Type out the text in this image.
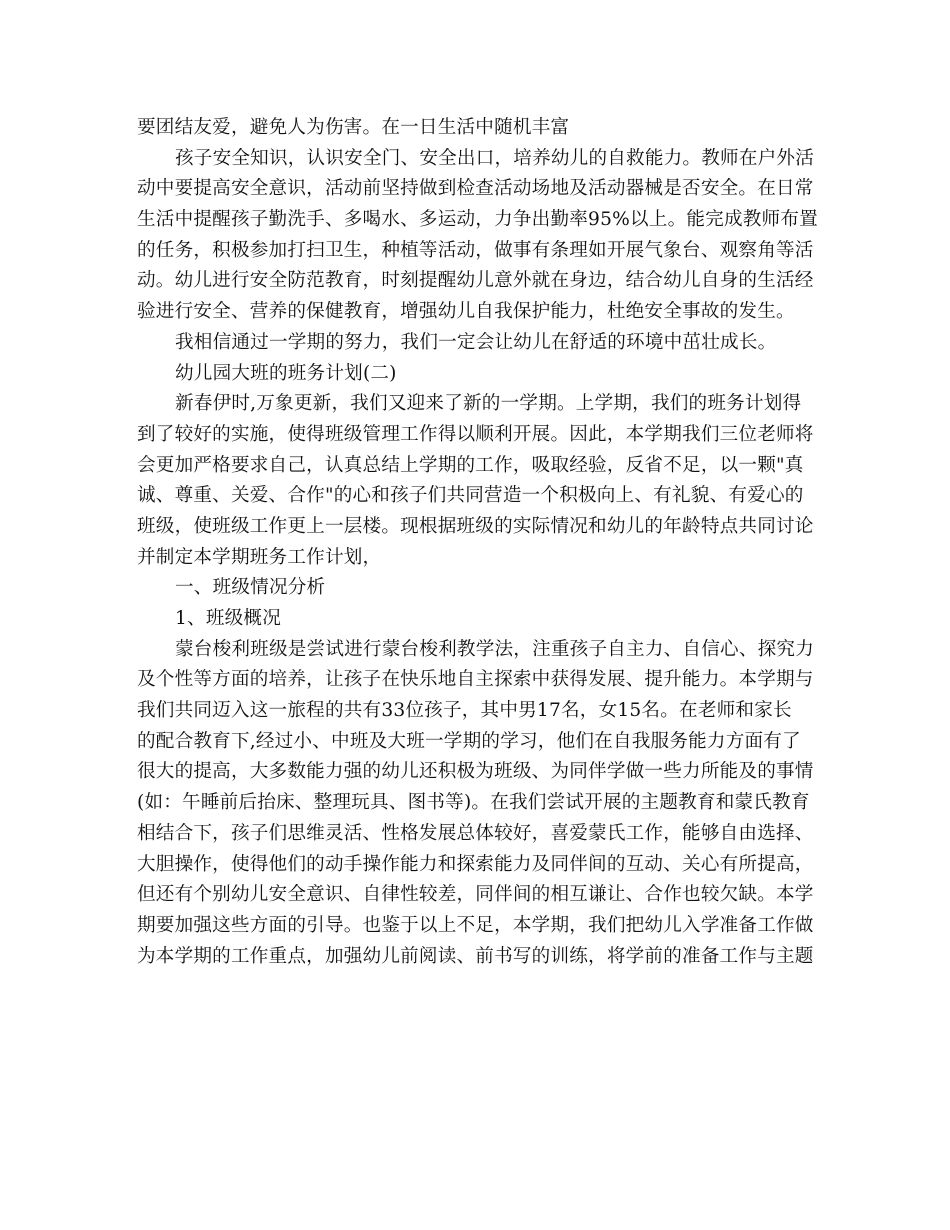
要团结友爱，避免人为伤害。在一日生活中随机丰富
孩子安全知识，认识安全门、安全出口，培养幼儿的自救能力。教师在户外活
动中要提高安全意识，活动前坚持做到检查活动场地及活动器械是否安全。在日常
生活中提醒孩子勤洗手、多喝水、多运动，力争出勤率95%以上。能完成教师布置
的任务，积极参加打扫卫生，种植等活动，做事有条理如开展气象台、观察角等活
动。幼儿进行安全防范教育，时刻提醒幼儿意外就在身边，结合幼儿自身的生活经
验进行安全、营养的保健教育，增强幼儿自我保护能力，杜绝安全事故的发生。
我相信通过一学期的努力，我们一定会让幼儿在舒适的环境中茁壮成长。
幼儿园大班的班务计划(二)
新春伊时,万象更新，我们又迎来了新的一学期。上学期，我们的班务计划得
到了较好的实施，使得班级管理工作得以顺利开展。因此，本学期我们三位老师将
会更加严格要求自己，认真总结上学期的工作，吸取经验，反省不足，以一颗"真
诚、尊重、关爱、合作"的心和孩子们共同营造一个积极向上、有礼貌、有爱心的
班级，使班级工作更上一层楼。现根据班级的实际情况和幼儿的年龄特点共同讨论
并制定本学期班务工作计划，
一、班级情况分析
1、班级概况
蒙台梭利班级是尝试进行蒙台梭利教学法，注重孩子自主力、自信心、探究力
及个性等方面的培养，让孩子在快乐地自主探索中获得发展、提升能力。本学期与
我们共同迈入这一旅程的共有33位孩子，其中男17名，女15名。在老师和家长
的配合教育下,经过小、中班及大班一学期的学习，他们在自我服务能力方面有了
很大的提高，大多数能力强的幼儿还积极为班级、为同伴学做一些力所能及的事情
(如：午睡前后抬床、整理玩具、图书等)。在我们尝试开展的主题教育和蒙氏教育
相结合下，孩子们思维灵活、性格发展总体较好，喜爱蒙氏工作，能够自由选择、
大胆操作，使得他们的动手操作能力和探索能力及同伴间的互动、关心有所提高，
但还有个别幼儿安全意识、自律性较差，同伴间的相互谦让、合作也较欠缺。本学
期要加强这些方面的引导。也鉴于以上不足，本学期，我们把幼儿入学准备工作做
为本学期的工作重点，加强幼儿前阅读、前书写的训练，将学前的准备工作与主题
